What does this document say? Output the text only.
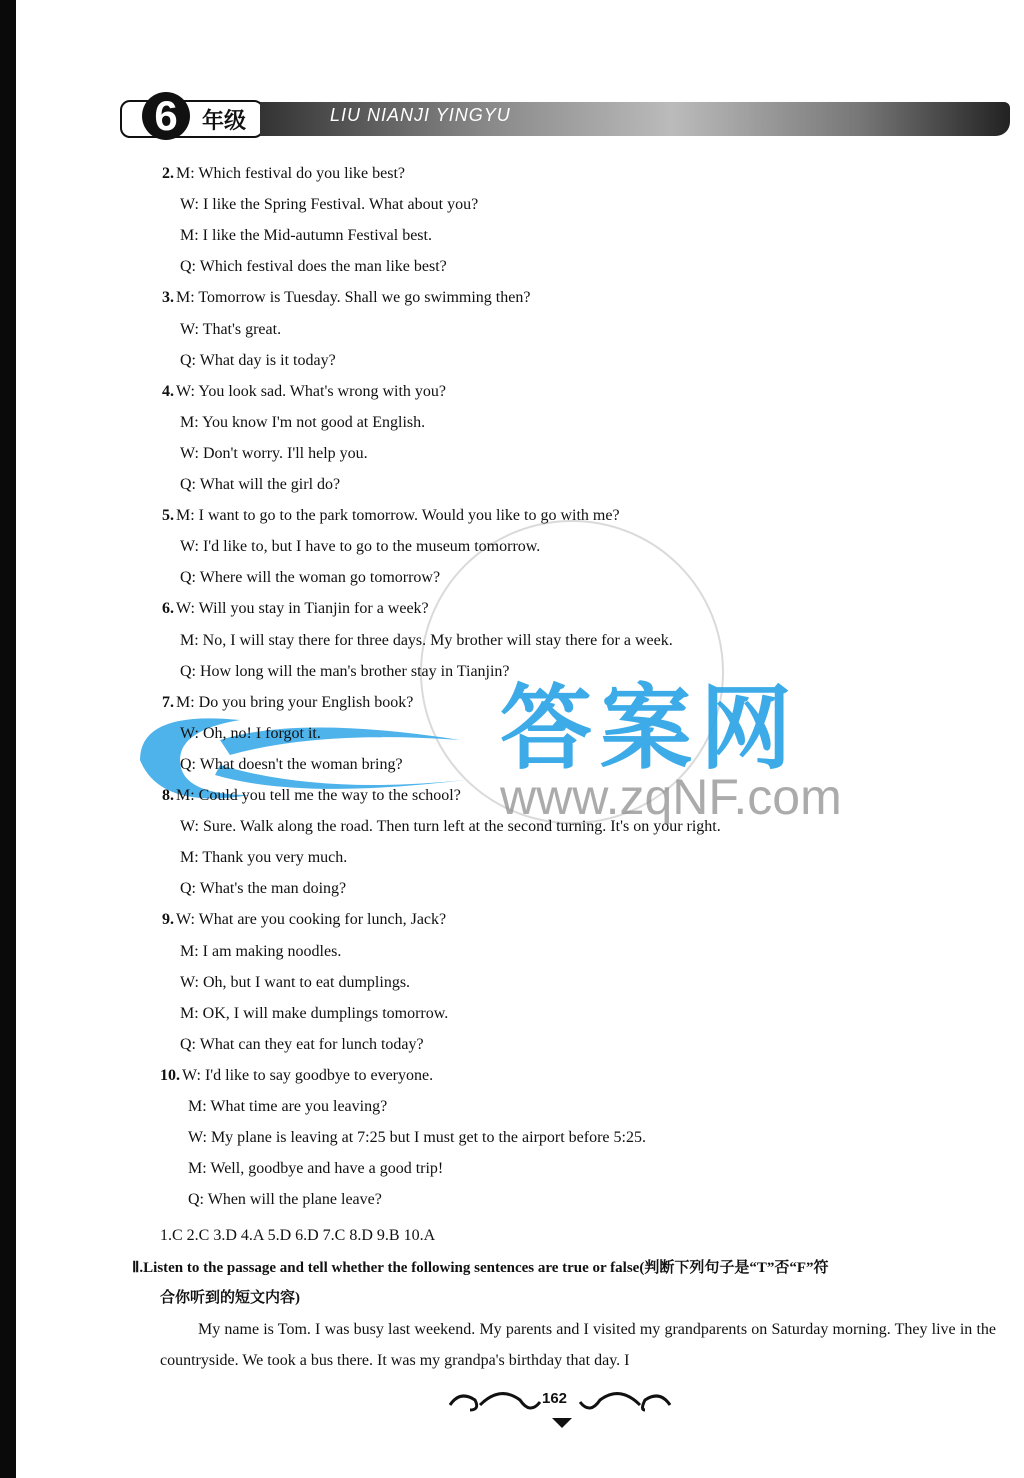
6	年级	LIU NIANJI YINGYU
答案网
www.zqNF.com
2. M: Which festival do you like best?
W: I like the Spring Festival. What about you?
M: I like the Mid-autumn Festival best.
Q: Which festival does the man like best?
3. M: Tomorrow is Tuesday. Shall we go swimming then?
W: That's great.
Q: What day is it today?
4. W: You look sad. What's wrong with you?
M: You know I'm not good at English.
W: Don't worry. I'll help you.
Q: What will the girl do?
5. M: I want to go to the park tomorrow. Would you like to go with me?
W: I'd like to, but I have to go to the museum tomorrow.
Q: Where will the woman go tomorrow?
6. W: Will you stay in Tianjin for a week?
M: No, I will stay there for three days. My brother will stay there for a week.
Q: How long will the man's brother stay in Tianjin?
7. M: Do you bring your English book?
W: Oh, no! I forgot it.
Q: What doesn't the woman bring?
8. M: Could you tell me the way to the school?
W: Sure. Walk along the road. Then turn left at the second turning. It's on your right.
M: Thank you very much.
Q: What's the man doing?
9. W: What are you cooking for lunch, Jack?
M: I am making noodles.
W: Oh, but I want to eat dumplings.
M: OK, I will make dumplings tomorrow.
Q: What can they eat for lunch today?
10. W: I'd like to say goodbye to everyone.
M: What time are you leaving?
W: My plane is leaving at 7:25 but I must get to the airport before 5:25.
M: Well, goodbye and have a good trip!
Q: When will the plane leave?
1.C 2.C 3.D 4.A 5.D 6.D 7.C 8.D 9.B 10.A
Ⅱ.Listen to the passage and tell whether the following sentences are true or false(判断下列句子是“T”否“F”符
合你听到的短文内容)
My name is Tom. I was busy last weekend. My parents and I visited my grandparents on Saturday morning. They live in the countryside. We took a bus there. It was my grandpa's birthday that day. I
162
